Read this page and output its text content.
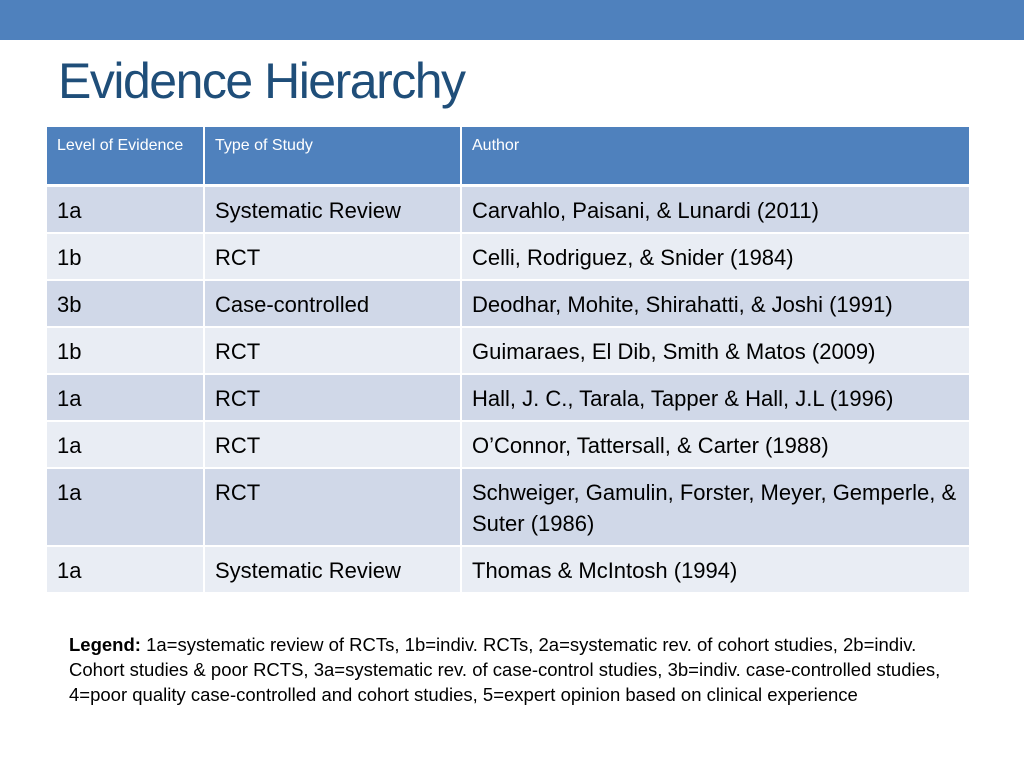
Evidence Hierarchy
Level of Evidence	Type of Study	Author
1a	Systematic Review	Carvahlo, Paisani, & Lunardi (2011)
1b	RCT	Celli, Rodriguez, & Snider (1984)
3b	Case-controlled	Deodhar, Mohite, Shirahatti, & Joshi (1991)
1b	RCT	Guimaraes, El Dib, Smith & Matos (2009)
1a	RCT	Hall, J. C., Tarala, Tapper & Hall, J.L (1996)
1a	RCT	O’Connor, Tattersall, & Carter (1988)
1a	RCT	Schweiger, Gamulin, Forster, Meyer, Gemperle, & Suter (1986)
1a	Systematic Review	Thomas & McIntosh (1994)

Legend: 1a=systematic review of RCTs, 1b=indiv. RCTs, 2a=systematic rev. of cohort studies, 2b=indiv. Cohort studies & poor RCTS, 3a=systematic rev. of case-control studies, 3b=indiv. case-controlled studies, 4=poor quality case-controlled and cohort studies, 5=expert opinion based on clinical experience
